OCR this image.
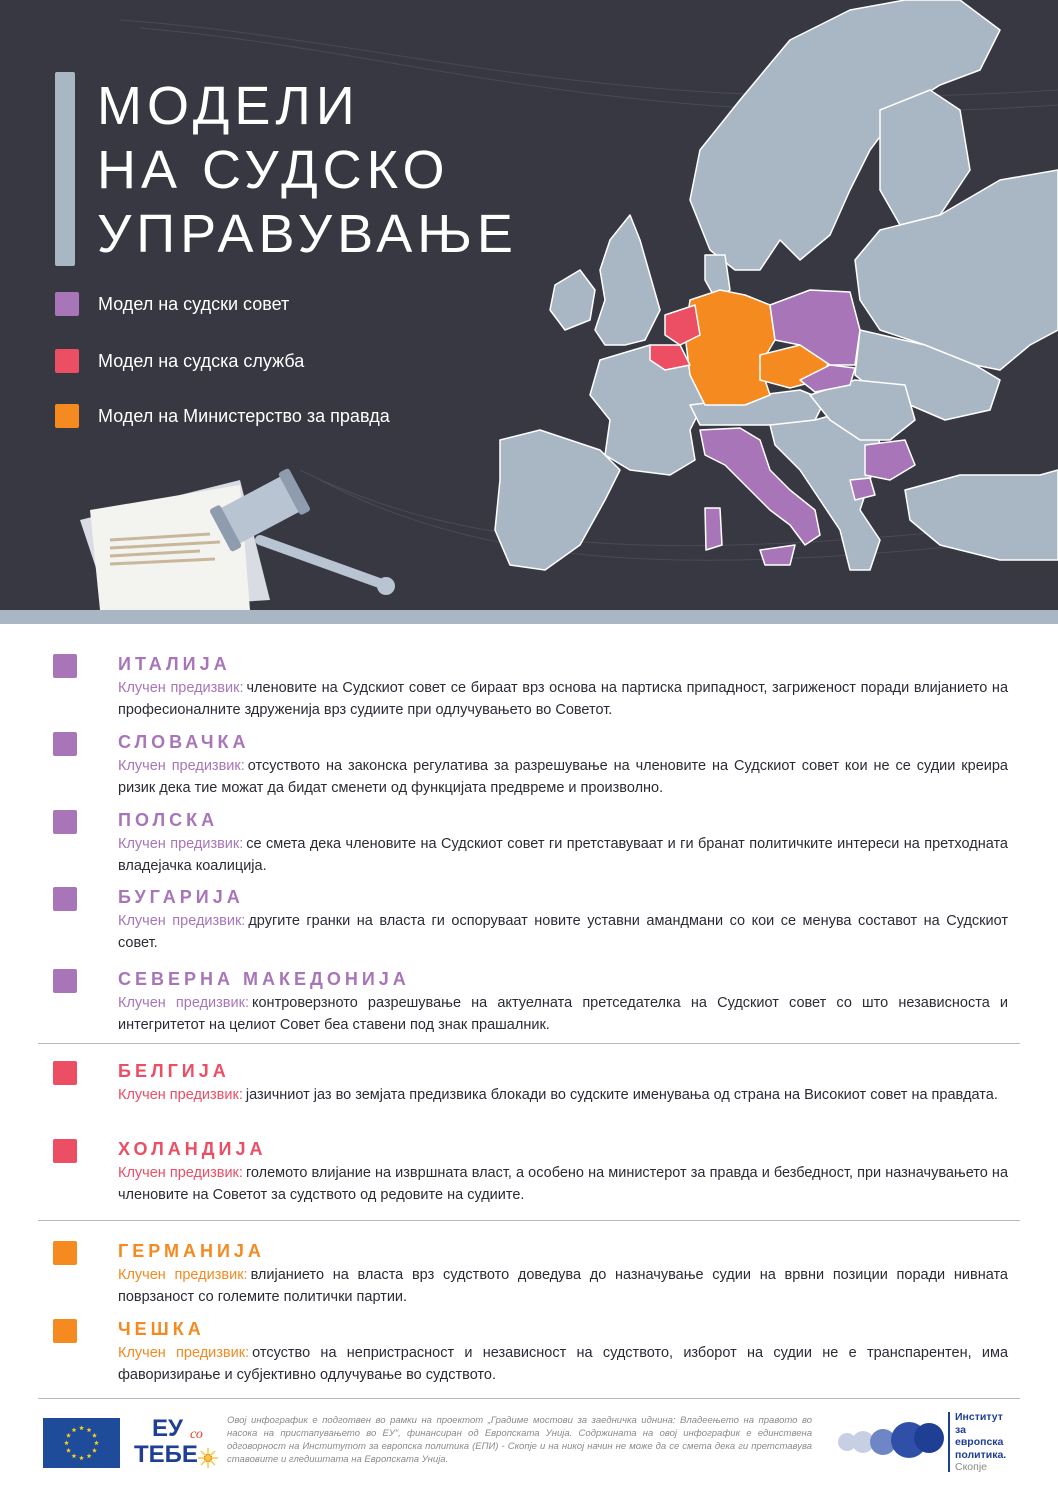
МОДЕЛИ
НА СУДСКО
УПРАВУВАЊЕ
Модел на судски совет
Модел на судска служба
Модел на Министерство за правда
ИТАЛИЈА
Клучен предизвик: членовите на Судскиот совет се бираат врз основа на партиска припадност, загриженост поради влијанието на професионалните здруженија врз судиите при одлучувањето во Советот.
СЛОВАЧКА
Клучен предизвик: отсуството на законска регулатива за разрешување на членовите на Судскиот совет кои не се судии креира ризик дека тие можат да бидат сменети од функцијата предвреме и произволно.
ПОЛСКА
Клучен предизвик: се смета дека членовите на Судскиот совет ги претставуваат и ги бранат политичките интереси на претходната владејачка коалиција.
БУГАРИЈА
Клучен предизвик: другите гранки на власта ги оспоруваат новите уставни амандмани со кои се менува составот на Судскиот совет.
СЕВЕРНА МАКЕДОНИЈА
Клучен предизвик: контроверзното разрешување на актуелната претседателка на Судскиот совет со што независноста и интегритетот на целиот Совет беа ставени под знак прашалник.
БЕЛГИЈА
Клучен предизвик: јазичниот јаз во земјата предизвика блокади во судските именувања од страна на Високиот совет на правдата.
ХОЛАНДИЈА
Клучен предизвик: големото влијание на извршната власт, а особено на министерот за правда и безбедност, при назначувањето на членовите на Советот за судството од редовите на судиите.
ГЕРМАНИЈА
Клучен предизвик: влијанието на власта врз судството доведува до назначување судии на врвни позиции поради нивната поврзаност со големите политички партии.
ЧЕШКА
Клучен предизвик: отсуство на непристрасност и независност на судството, изборот на судии не е транспарентен, има фаворизирање и субјективно одлучување во судството.
ЕУ со
ТЕБЕ
Овој инфографик е подготвен во рамки на проектот „Градиме мостови за заедничка иднина: Владеењето на правото во насока на пристапувањето во ЕУ“, финансиран од Европската Унија. Содржината на овој инфографик е единствена одговорност на Институтот за европска политика (ЕПИ) - Скопје и на никој начин не може да се смета дека ги претставува ставовите и гледиштата на Европската Унија.
Институт
за
европска
политика.
Скопје
